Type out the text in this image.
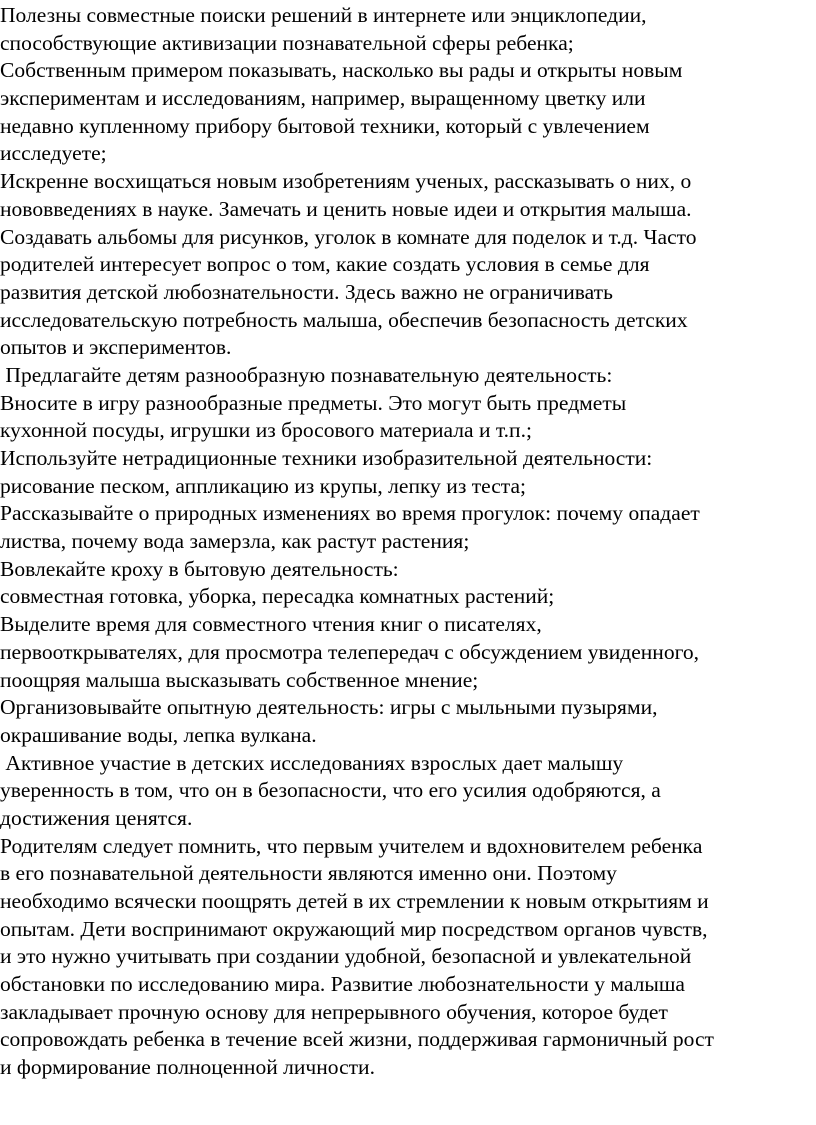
Полезны совместные поиски решений в интернете или энциклопедии,
способствующие активизации познавательной сферы ребенка;
Собственным примером показывать, насколько вы рады и открыты новым
экспериментам и исследованиям, например, выращенному цветку или
недавно купленному прибору бытовой техники, который с увлечением
исследуете;
Искренне восхищаться новым изобретениям ученых, рассказывать о них, о
нововведениях в науке. Замечать и ценить новые идеи и открытия малыша.
Создавать альбомы для рисунков, уголок в комнате для поделок и т.д. Часто
родителей интересует вопрос о том, какие создать условия в семье для
развития детской любознательности. Здесь важно не ограничивать
исследовательскую потребность малыша, обеспечив безопасность детских
опытов и экспериментов.
Предлагайте детям разнообразную познавательную деятельность:
Вносите в игру разнообразные предметы. Это могут быть предметы
кухонной посуды, игрушки из бросового материала и т.п.;
Используйте нетрадиционные техники изобразительной деятельности:
рисование песком, аппликацию из крупы, лепку из теста;
Рассказывайте о природных изменениях во время прогулок: почему опадает
листва, почему вода замерзла, как растут растения;
Вовлекайте кроху в бытовую деятельность:
совместная готовка, уборка, пересадка комнатных растений;
Выделите время для совместного чтения книг о писателях,
первооткрывателях, для просмотра телепередач с обсуждением увиденного,
поощряя малыша высказывать собственное мнение;
Организовывайте опытную деятельность: игры с мыльными пузырями,
окрашивание воды, лепка вулкана.
Активное участие в детских исследованиях взрослых дает малышу
уверенность в том, что он в безопасности, что его усилия одобряются, а
достижения ценятся.
Родителям следует помнить, что первым учителем и вдохновителем ребенка
в его познавательной деятельности являются именно они. Поэтому
необходимо всячески поощрять детей в их стремлении к новым открытиям и
опытам. Дети воспринимают окружающий мир посредством органов чувств,
и это нужно учитывать при создании удобной, безопасной и увлекательной
обстановки по исследованию мира. Развитие любознательности у малыша
закладывает прочную основу для непрерывного обучения, которое будет
сопровождать ребенка в течение всей жизни, поддерживая гармоничный рост
и формирование полноценной личности.
